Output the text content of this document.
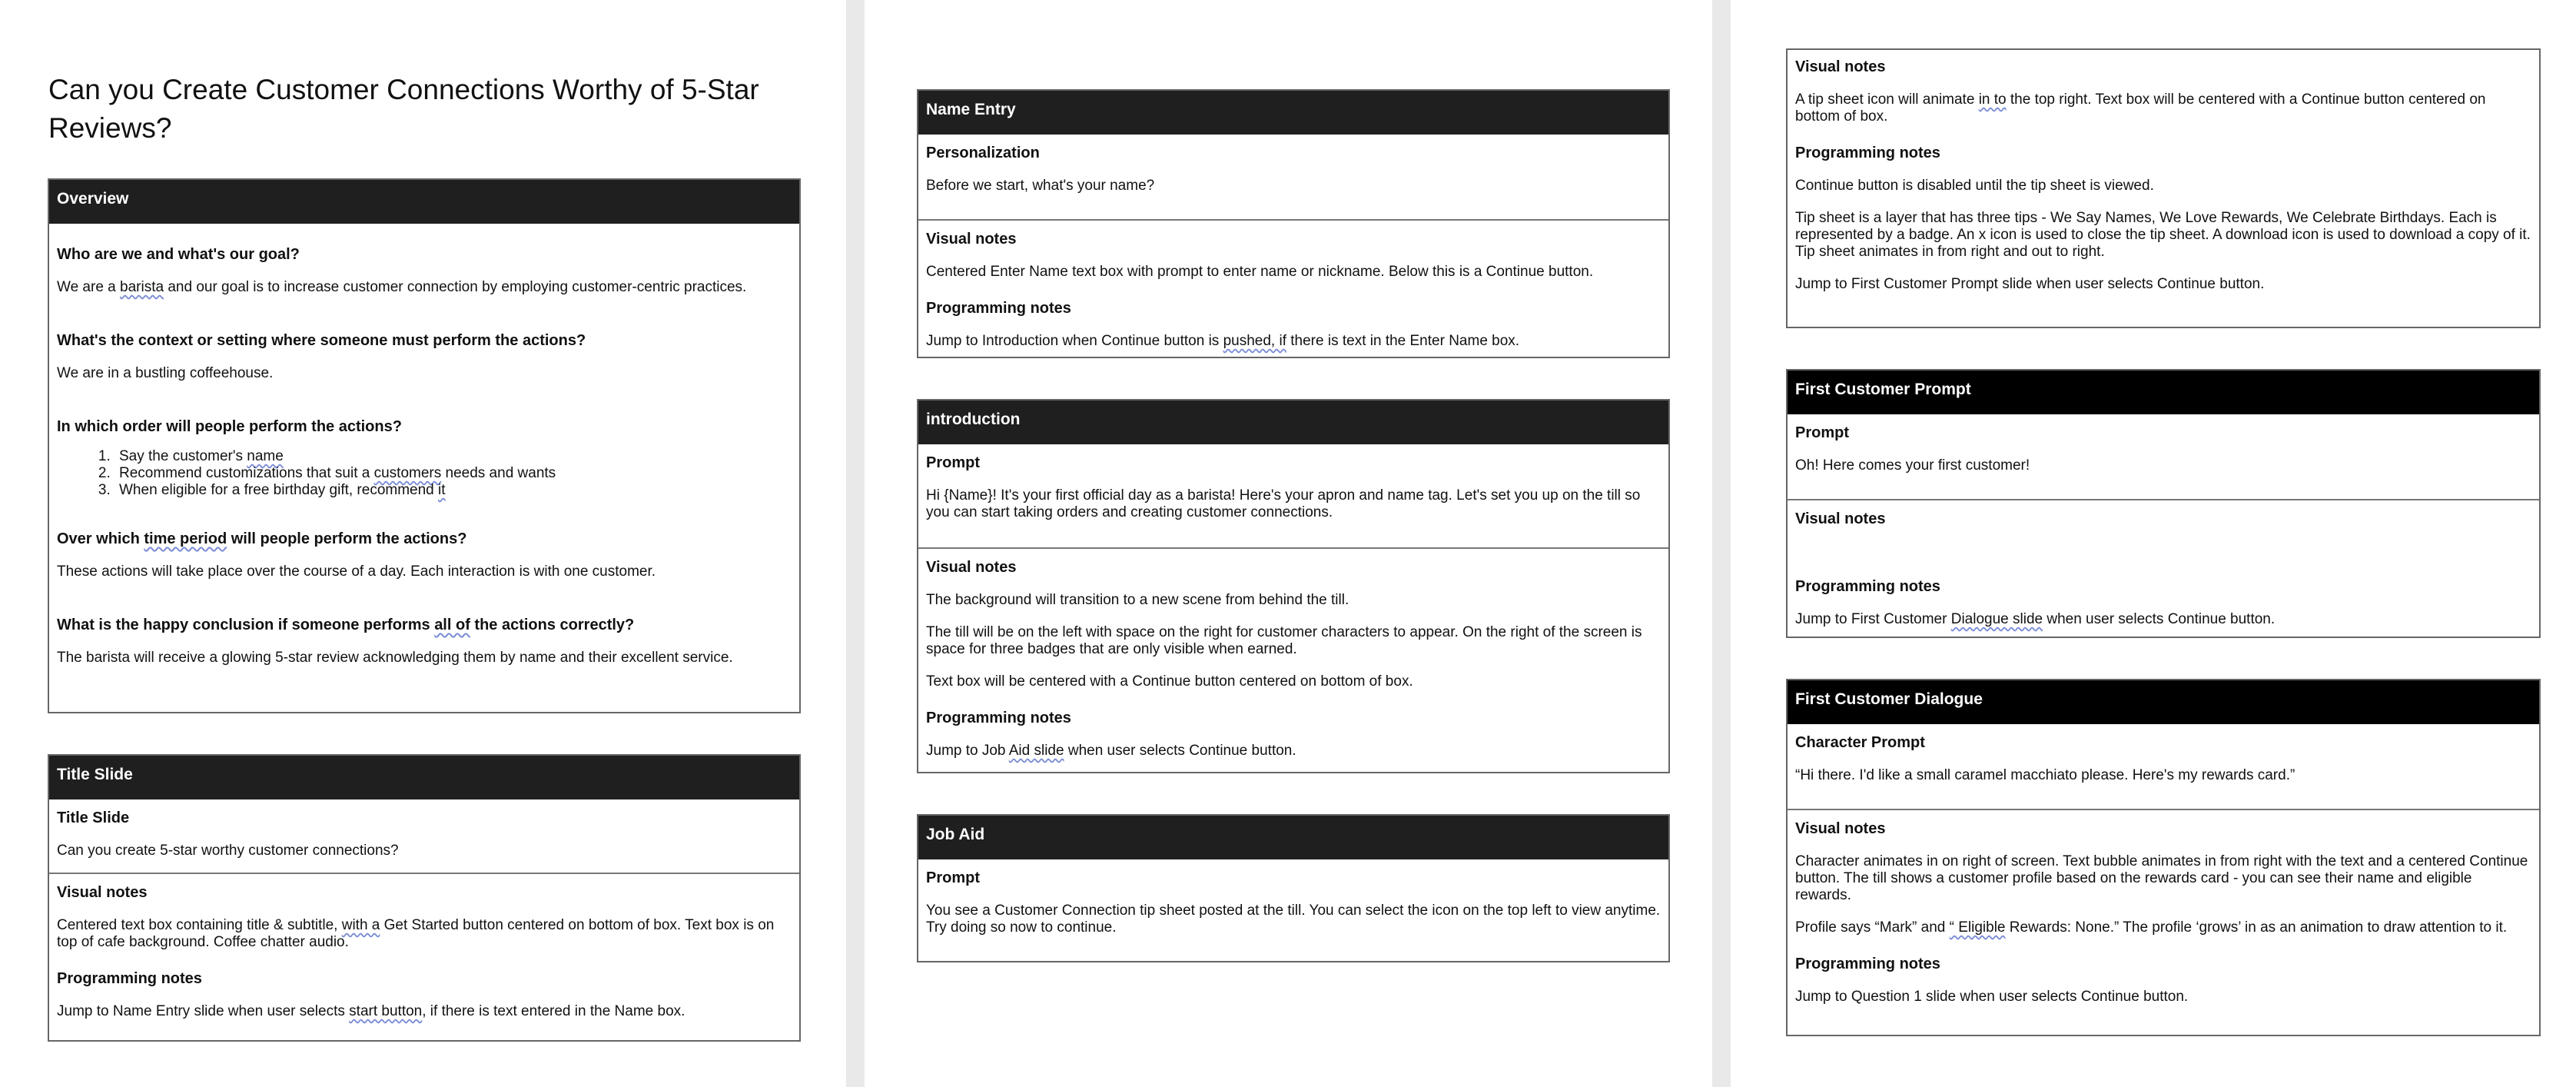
Can you Create Customer Connections Worthy of 5-Star Reviews?
Overview
Who are we and what's our goal?
We are a barista and our goal is to increase customer connection by employing customer-centric practices.
What's the context or setting where someone must perform the actions?
We are in a bustling coffeehouse.
In which order will people perform the actions?
1. Say the customer's name
2. Recommend customizations that suit a customers needs and wants
3. When eligible for a free birthday gift, recommend it
Over which time period will people perform the actions?
These actions will take place over the course of a day. Each interaction is with one customer.
What is the happy conclusion if someone performs all of the actions correctly?
The barista will receive a glowing 5-star review acknowledging them by name and their excellent service.
Title Slide
Title Slide
Can you create 5-star worthy customer connections?
Visual notes
Centered text box containing title & subtitle, with a Get Started button centered on bottom of box. Text box is on top of cafe background. Coffee chatter audio.
Programming notes
Jump to Name Entry slide when user selects start button, if there is text entered in the Name box.
Name Entry
Personalization
Before we start, what's your name?
Visual notes
Centered Enter Name text box with prompt to enter name or nickname. Below this is a Continue button.
Programming notes
Jump to Introduction when Continue button is pushed, if there is text in the Enter Name box.
introduction
Prompt
Hi {Name}! It's your first official day as a barista! Here's your apron and name tag. Let's set you up on the till so you can start taking orders and creating customer connections.
Visual notes
The background will transition to a new scene from behind the till.
The till will be on the left with space on the right for customer characters to appear. On the right of the screen is space for three badges that are only visible when earned.
Text box will be centered with a Continue button centered on bottom of box.
Programming notes
Jump to Job Aid slide when user selects Continue button.
Job Aid
Prompt
You see a Customer Connection tip sheet posted at the till. You can select the icon on the top left to view anytime. Try doing so now to continue.
Visual notes
A tip sheet icon will animate in to the top right. Text box will be centered with a Continue button centered on bottom of box.
Programming notes
Continue button is disabled until the tip sheet is viewed.
Tip sheet is a layer that has three tips - We Say Names, We Love Rewards, We Celebrate Birthdays. Each is represented by a badge. An x icon is used to close the tip sheet. A download icon is used to download a copy of it. Tip sheet animates in from right and out to right.
Jump to First Customer Prompt slide when user selects Continue button.
First Customer Prompt
Prompt
Oh! Here comes your first customer!
Visual notes
Programming notes
Jump to First Customer Dialogue slide when user selects Continue button.
First Customer Dialogue
Character Prompt
“Hi there. I'd like a small caramel macchiato please. Here's my rewards card.”
Visual notes
Character animates in on right of screen. Text bubble animates in from right with the text and a centered Continue button. The till shows a customer profile based on the rewards card - you can see their name and eligible rewards.
Profile says “Mark” and “ Eligible Rewards: None.” The profile ‘grows’ in as an animation to draw attention to it.
Programming notes
Jump to Question 1 slide when user selects Continue button.
